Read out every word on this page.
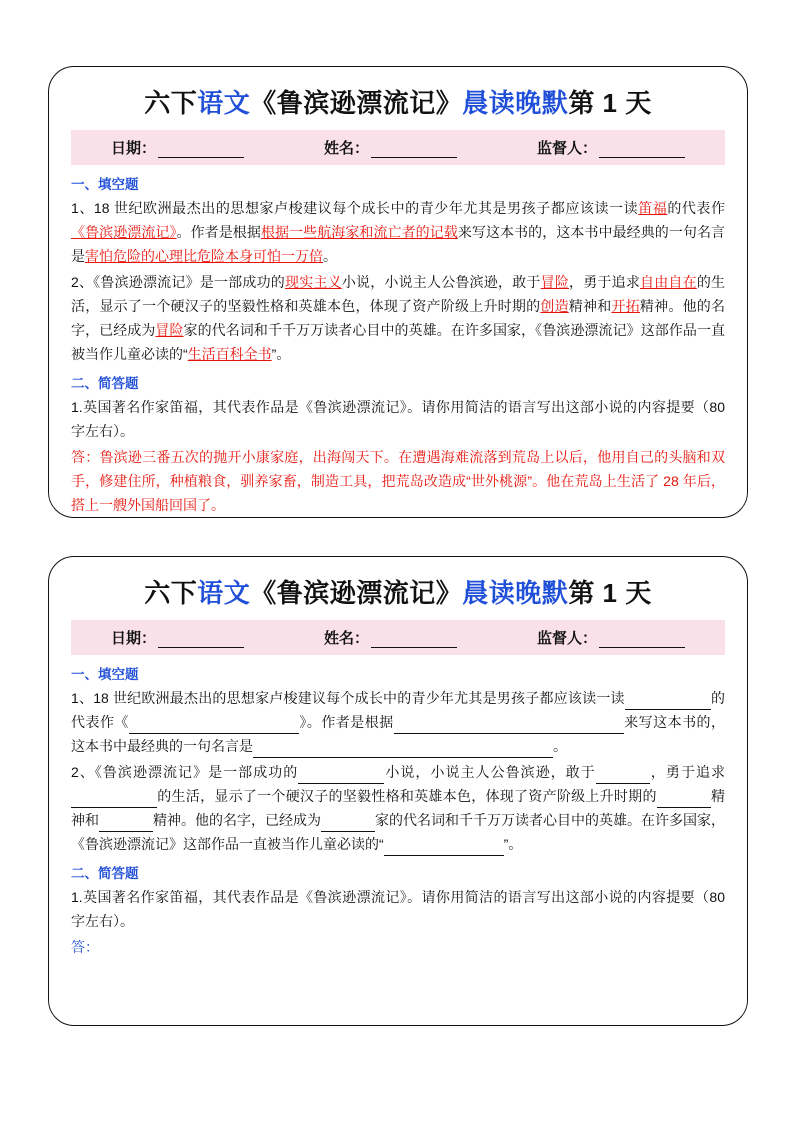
六下语文《鲁滨逊漂流记》晨读晚默第 1 天
日期：	姓名：	监督人：
一、填空题

1、18 世纪欧洲最杰出的思想家卢梭建议每个成长中的青少年尤其是男孩子都应该读一读笛福的代表作《鲁滨逊漂流记》。作者是根据根据一些航海家和流亡者的记载来写这本书的，这本书中最经典的一句名言是害怕危险的心理比危险本身可怕一万倍。

2、《鲁滨逊漂流记》是一部成功的现实主义小说，小说主人公鲁滨逊，敢于冒险，勇于追求自由自在的生活，显示了一个硬汉子的坚毅性格和英雄本色，体现了资产阶级上升时期的创造精神和开拓精神。他的名字，已经成为冒险家的代名词和千千万万读者心目中的英雄。在许多国家，《鲁滨逊漂流记》这部作品一直被当作儿童必读的“生活百科全书”。

二、简答题

1.英国著名作家笛福，其代表作品是《鲁滨逊漂流记》。请你用简洁的语言写出这部小说的内容提要（80 字左右）。

答：鲁滨逊三番五次的抛开小康家庭，出海闯天下。在遭遇海难流落到荒岛上以后，他用自己的头脑和双手，修建住所，种植粮食，驯养家畜，制造工具，把荒岛改造成“世外桃源”。他在荒岛上生活了 28 年后，搭上一艘外国船回国了。

六下语文《鲁滨逊漂流记》晨读晚默第 1 天
日期：	姓名：	监督人：
一、填空题

1、18 世纪欧洲最杰出的思想家卢梭建议每个成长中的青少年尤其是男孩子都应该读一读	的代表作《	》。作者是根据	来写这本书的，这本书中最经典的一句名言是	。

2、《鲁滨逊漂流记》是一部成功的	小说，小说主人公鲁滨逊，敢于	，勇于追求的生活，显示了一个硬汉子的坚毅性格和英雄本色，体现了资产阶级上升时期的	精神和	精神。他的名字，已经成为	家的代名词和千千万万读者心目中的英雄。在许多国家，《鲁滨逊漂流记》这部作品一直被当作儿童必读的“	”。

二、简答题

1.英国著名作家笛福，其代表作品是《鲁滨逊漂流记》。请你用简洁的语言写出这部小说的内容提要（80 字左右）。

答：
